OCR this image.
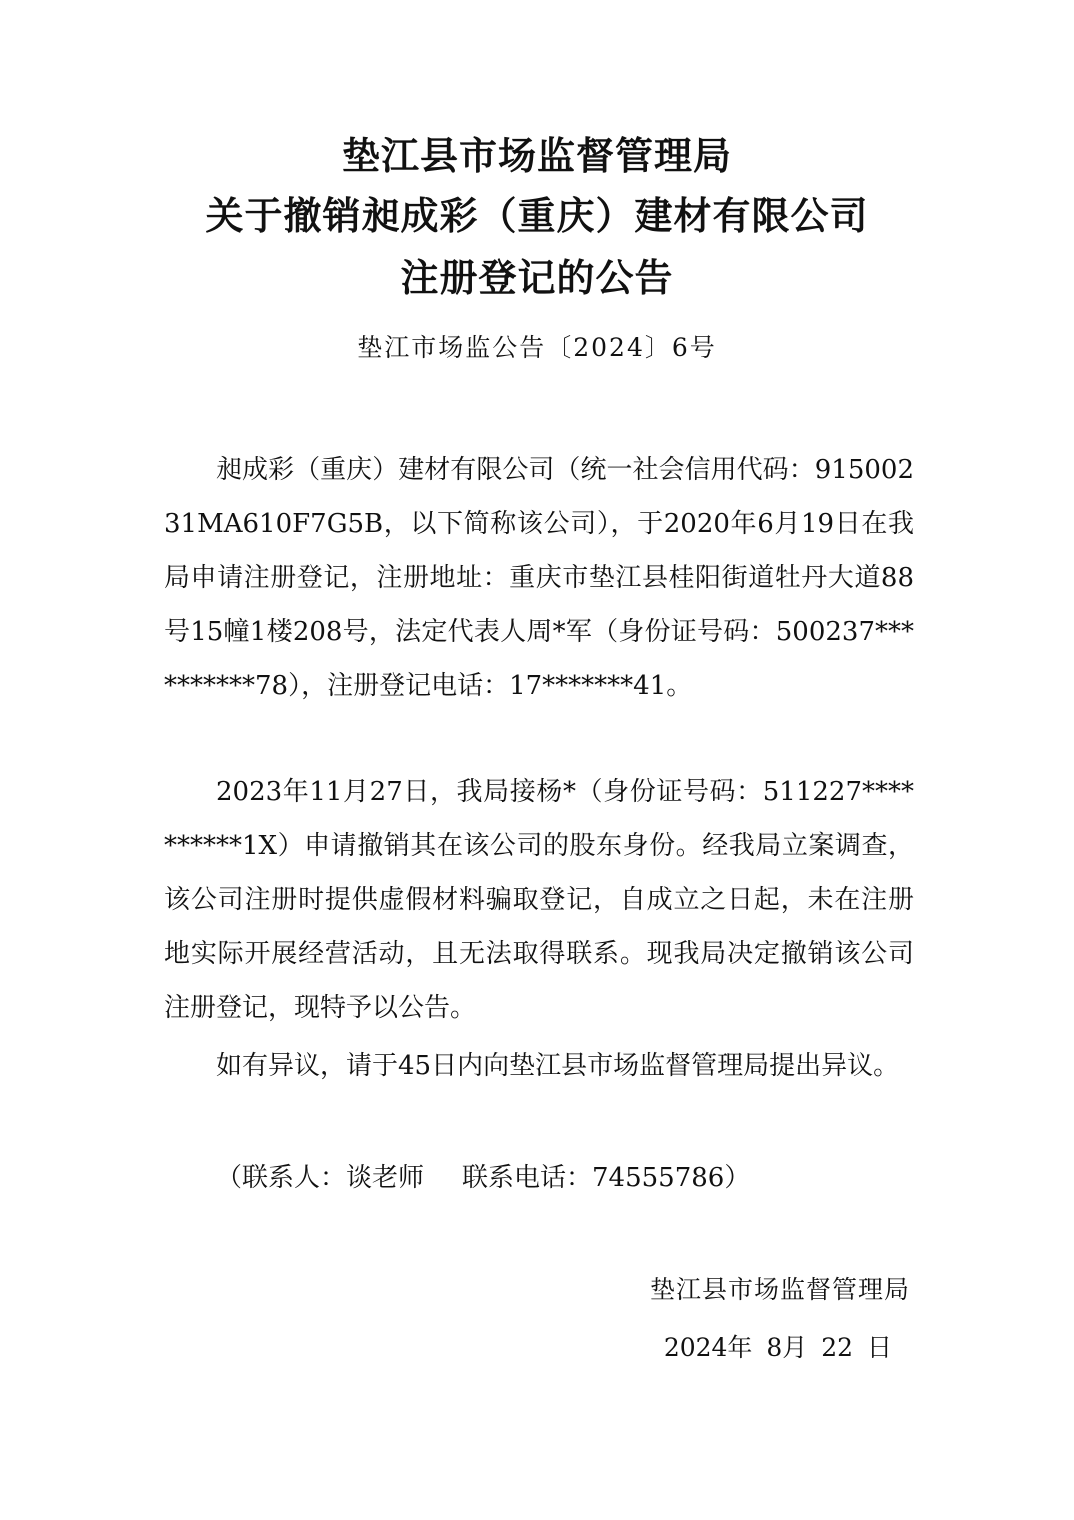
垫江县市场监督管理局
关于撤销昶成彩（重庆）建材有限公司
注册登记的公告
垫江市场监公告〔2024〕6号
昶成彩（重庆）建材有限公司（统一社会信用代码：91500231MA610F7G5B，以下简称该公司），于2020年6月19日在我局申请注册登记，注册地址：重庆市垫江县桂阳街道牡丹大道88号15幢1楼208号，法定代表人周*军（身份证号码：500237**********78），注册登记电话：17*******41。
2023年11月27日，我局接杨*（身份证号码：511227**********1X）申请撤销其在该公司的股东身份。经我局立案调查，该公司注册时提供虚假材料骗取登记，自成立之日起，未在注册地实际开展经营活动，且无法取得联系。现我局决定撤销该公司注册登记，现特予以公告。
如有异议，请于45日内向垫江县市场监督管理局提出异议。
（联系人：谈老师 联系电话：74555786）
垫江县市场监督管理局
2024年 8月 22 日
